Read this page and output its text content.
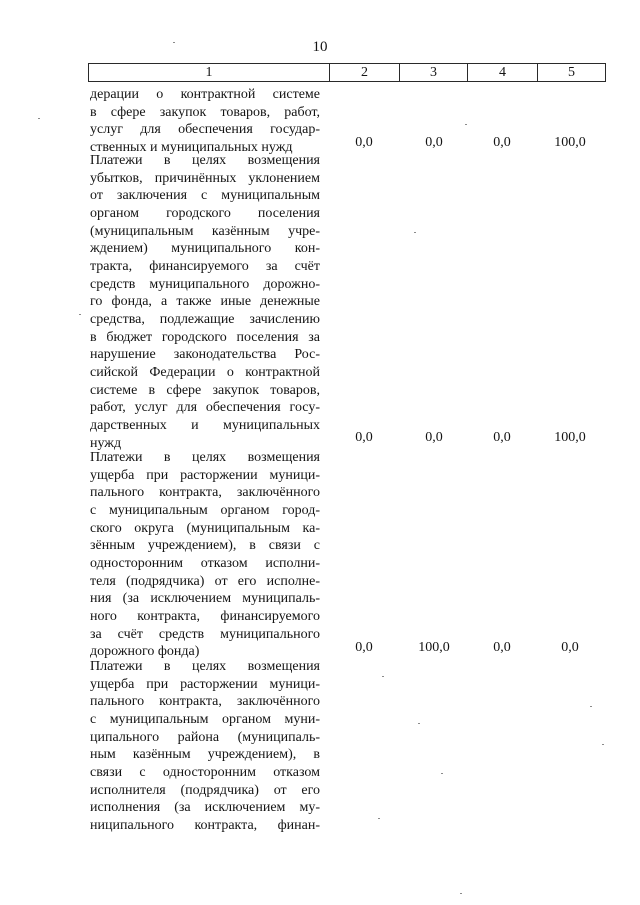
10
1	2	3	4	5
дерации о контрактной системе
в сфере закупок товаров, работ,
услуг для обеспечения государ-
ственных и муниципальных нужд	0,0	0,0	0,0	100,0
Платежи в целях возмещения
убытков, причинённых уклонением
от заключения с муниципальным
органом городского поселения
(муниципальным казённым учре-
ждением) муниципального кон-
тракта, финансируемого за счёт
средств муниципального дорожно-
го фонда, а также иные денежные
средства, подлежащие зачислению
в бюджет городского поселения за
нарушение законодательства Рос-
сийской Федерации о контрактной
системе в сфере закупок товаров,
работ, услуг для обеспечения госу-
дарственных и муниципальных
нужд	0,0	0,0	0,0	100,0
Платежи в целях возмещения
ущерба при расторжении муници-
пального контракта, заключённого
с муниципальным органом город-
ского округа (муниципальным ка-
зённым учреждением), в связи с
односторонним отказом исполни-
теля (подрядчика) от его исполне-
ния (за исключением муниципаль-
ного контракта, финансируемого
за счёт средств муниципального
дорожного фонда)	0,0	100,0	0,0	0,0
Платежи в целях возмещения
ущерба при расторжении муници-
пального контракта, заключённого
с муниципальным органом муни-
ципального района (муниципаль-
ным казённым учреждением), в
связи с односторонним отказом
исполнителя (подрядчика) от его
исполнения (за исключением му-
ниципального контракта, финан-
